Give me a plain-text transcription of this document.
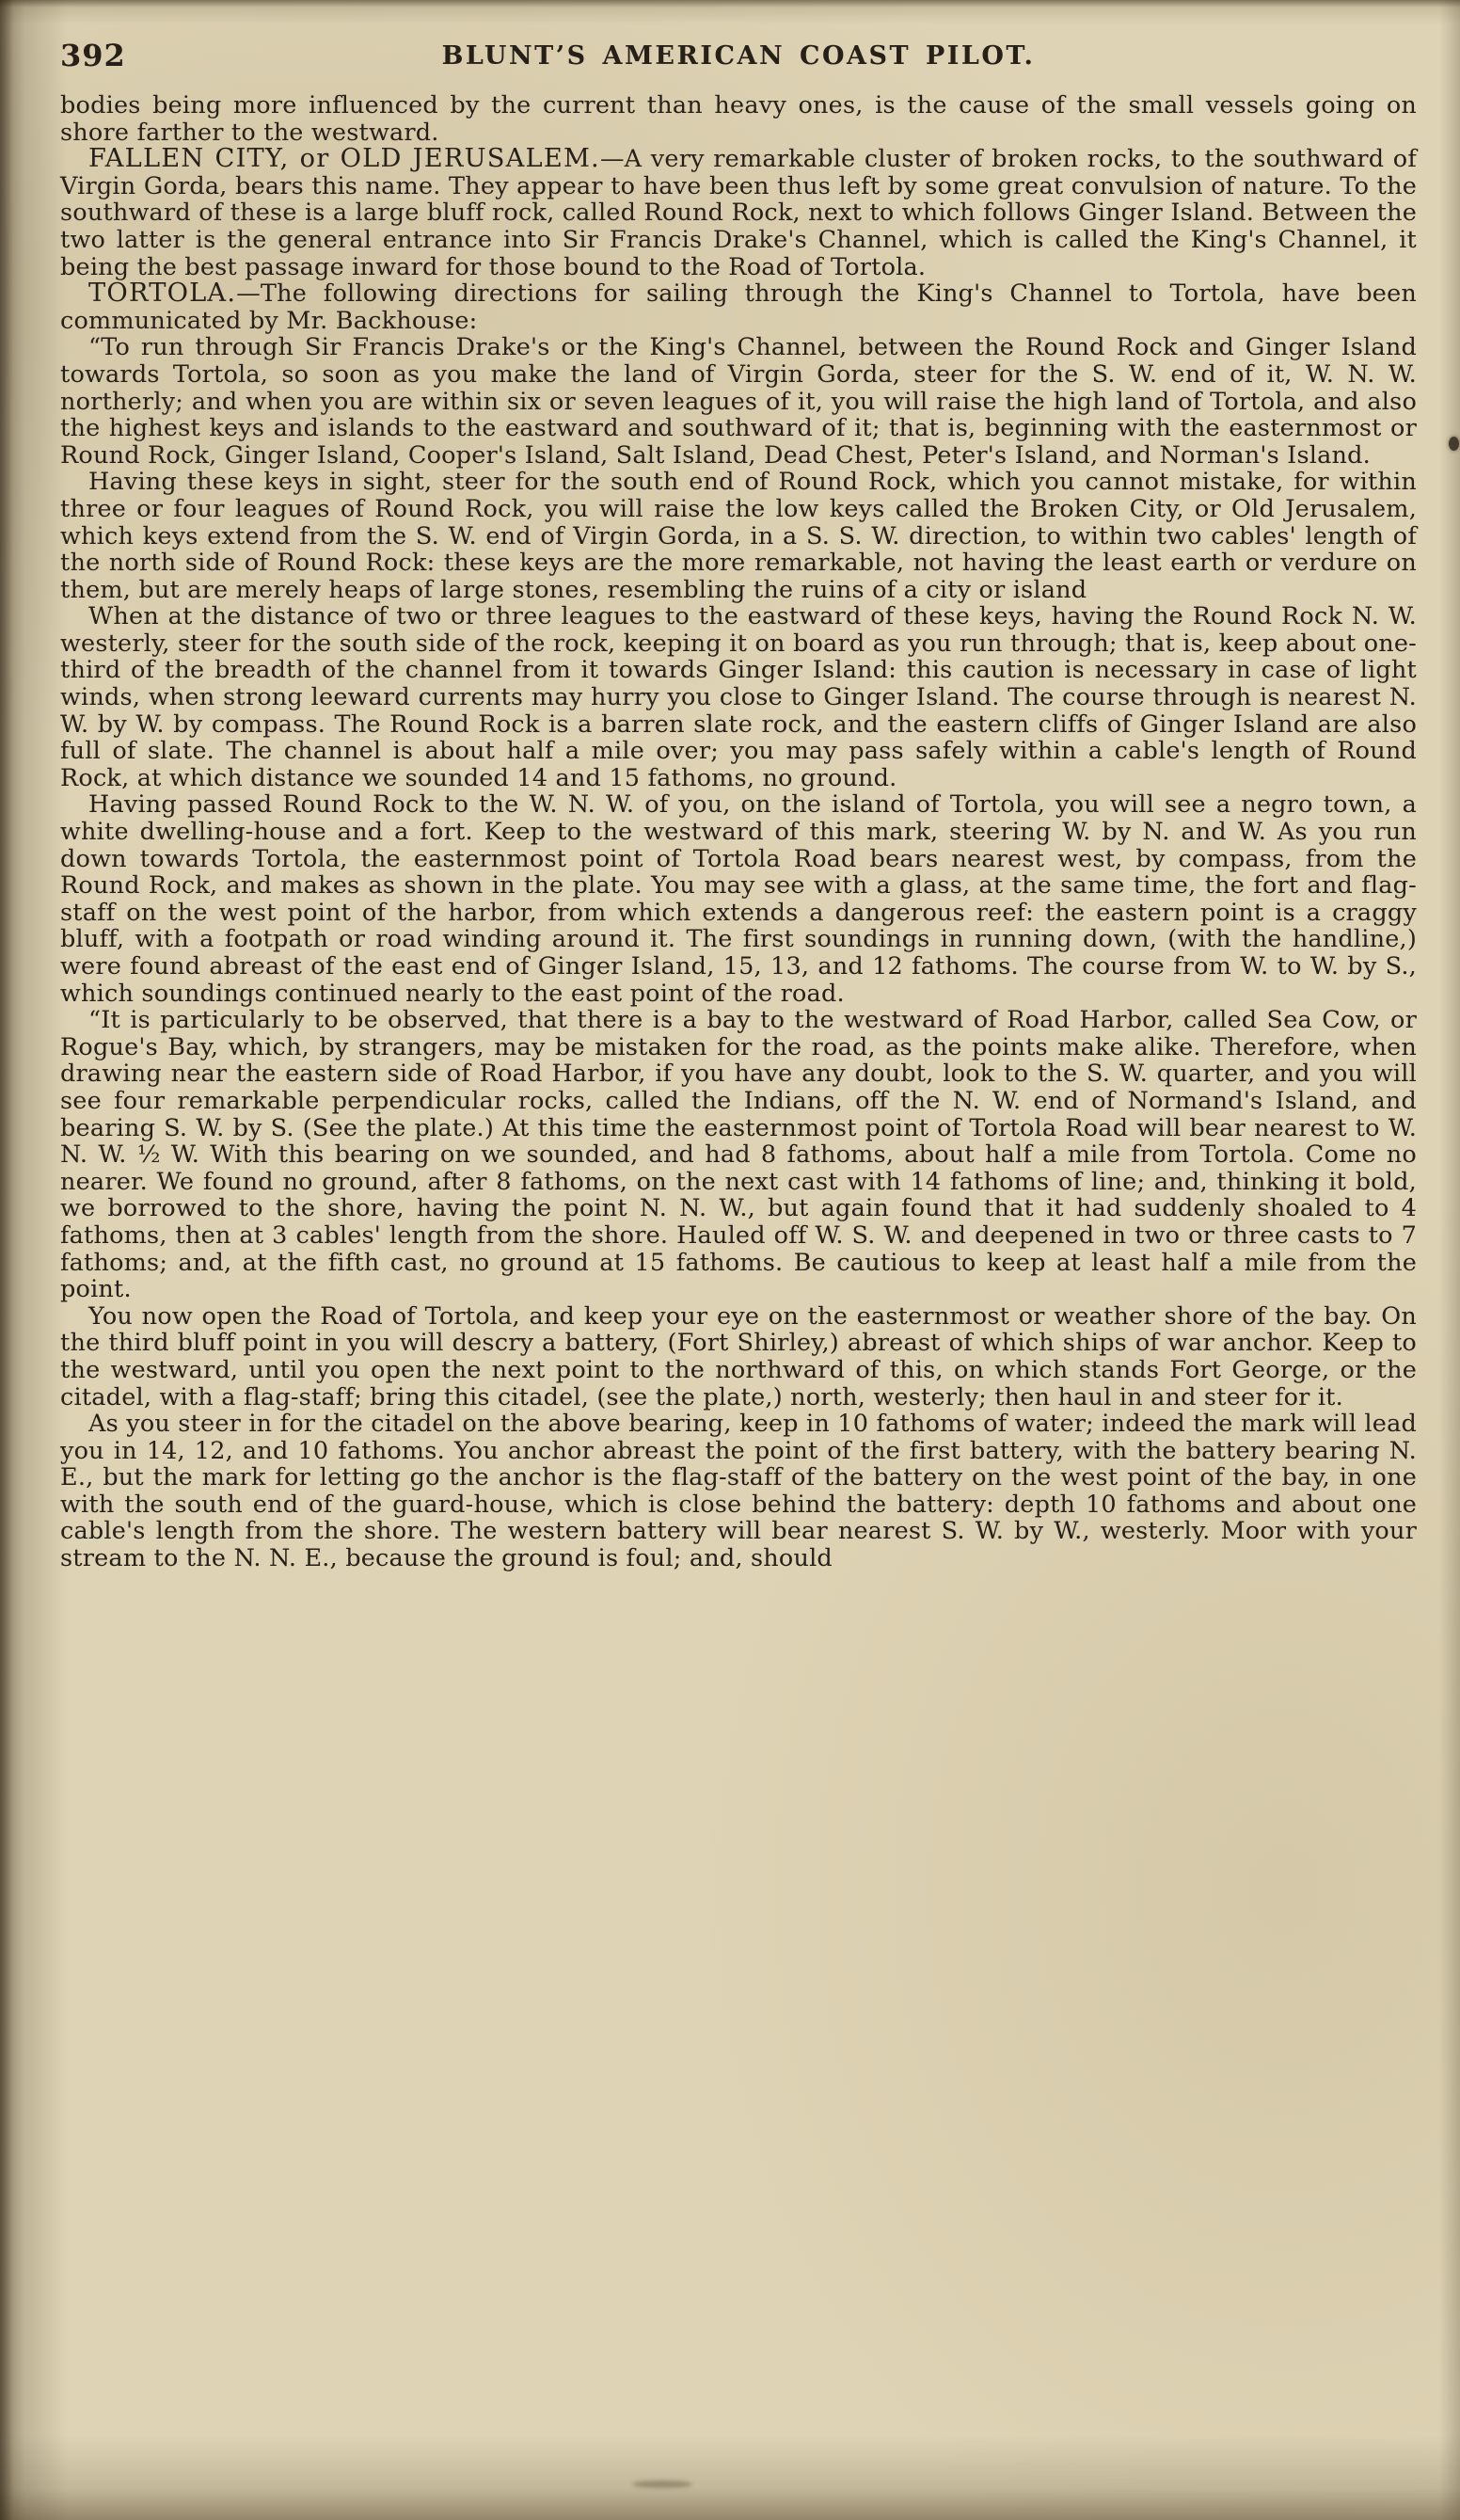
392	BLUNT’S AMERICAN COAST PILOT.

bodies being more influenced by the current than heavy ones, is the cause of the small vessels going on shore farther to the westward.

FALLEN CITY, or OLD JERUSALEM.—A very remarkable cluster of broken rocks, to the southward of Virgin Gorda, bears this name. They appear to have been thus left by some great convulsion of nature. To the southward of these is a large bluff rock, called Round Rock, next to which follows Ginger Island. Between the two latter is the general entrance into Sir Francis Drake's Channel, which is called the King's Channel, it being the best passage inward for those bound to the Road of Tortola.

TORTOLA.—The following directions for sailing through the King's Channel to Tortola, have been communicated by Mr. Backhouse:

“To run through Sir Francis Drake's or the King's Channel, between the Round Rock and Ginger Island towards Tortola, so soon as you make the land of Virgin Gorda, steer for the S. W. end of it, W. N. W. northerly; and when you are within six or seven leagues of it, you will raise the high land of Tortola, and also the highest keys and islands to the eastward and southward of it; that is, beginning with the easternmost or Round Rock, Ginger Island, Cooper's Island, Salt Island, Dead Chest, Peter's Island, and Norman's Island.

Having these keys in sight, steer for the south end of Round Rock, which you cannot mistake, for within three or four leagues of Round Rock, you will raise the low keys called the Broken City, or Old Jerusalem, which keys extend from the S. W. end of Virgin Gorda, in a S. S. W. direction, to within two cables' length of the north side of Round Rock: these keys are the more remarkable, not having the least earth or verdure on them, but are merely heaps of large stones, resembling the ruins of a city or island

When at the distance of two or three leagues to the eastward of these keys, having the Round Rock N. W. westerly, steer for the south side of the rock, keeping it on board as you run through; that is, keep about one-third of the breadth of the channel from it towards Ginger Island: this caution is necessary in case of light winds, when strong leeward currents may hurry you close to Ginger Island. The course through is nearest N. W. by W. by compass. The Round Rock is a barren slate rock, and the eastern cliffs of Ginger Island are also full of slate. The channel is about half a mile over; you may pass safely within a cable's length of Round Rock, at which distance we sounded 14 and 15 fathoms, no ground.

Having passed Round Rock to the W. N. W. of you, on the island of Tortola, you will see a negro town, a white dwelling-house and a fort. Keep to the westward of this mark, steering W. by N. and W. As you run down towards Tortola, the easternmost point of Tortola Road bears nearest west, by compass, from the Round Rock, and makes as shown in the plate. You may see with a glass, at the same time, the fort and flag-staff on the west point of the harbor, from which extends a dangerous reef: the eastern point is a craggy bluff, with a footpath or road winding around it. The first soundings in running down, (with the handline,) were found abreast of the east end of Ginger Island, 15, 13, and 12 fathoms. The course from W. to W. by S., which soundings continued nearly to the east point of the road.

“It is particularly to be observed, that there is a bay to the westward of Road Harbor, called Sea Cow, or Rogue's Bay, which, by strangers, may be mistaken for the road, as the points make alike. Therefore, when drawing near the eastern side of Road Harbor, if you have any doubt, look to the S. W. quarter, and you will see four remarkable perpendicular rocks, called the Indians, off the N. W. end of Normand's Island, and bearing S. W. by S. (See the plate.) At this time the easternmost point of Tortola Road will bear nearest to W. N. W. ½ W. With this bearing on we sounded, and had 8 fathoms, about half a mile from Tortola. Come no nearer. We found no ground, after 8 fathoms, on the next cast with 14 fathoms of line; and, thinking it bold, we borrowed to the shore, having the point N. N. W., but again found that it had suddenly shoaled to 4 fathoms, then at 3 cables' length from the shore. Hauled off W. S. W. and deepened in two or three casts to 7 fathoms; and, at the fifth cast, no ground at 15 fathoms. Be cautious to keep at least half a mile from the point.

You now open the Road of Tortola, and keep your eye on the easternmost or weather shore of the bay. On the third bluff point in you will descry a battery, (Fort Shirley,) abreast of which ships of war anchor. Keep to the westward, until you open the next point to the northward of this, on which stands Fort George, or the citadel, with a flag-staff; bring this citadel, (see the plate,) north, westerly; then haul in and steer for it.

As you steer in for the citadel on the above bearing, keep in 10 fathoms of water; indeed the mark will lead you in 14, 12, and 10 fathoms. You anchor abreast the point of the first battery, with the battery bearing N. E., but the mark for letting go the anchor is the flag-staff of the battery on the west point of the bay, in one with the south end of the guard-house, which is close behind the battery: depth 10 fathoms and about one cable's length from the shore. The western battery will bear nearest S. W. by W., westerly. Moor with your stream to the N. N. E., because the ground is foul; and, should
